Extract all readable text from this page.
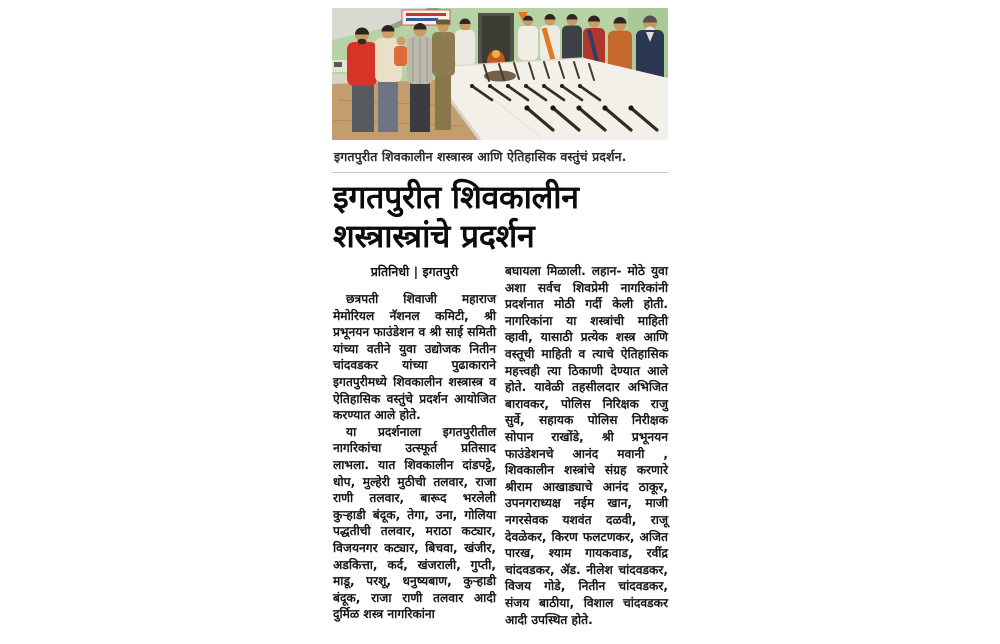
इगतपुरीत शिवकालीन शस्त्रास्त्र आणि ऐतिहासिक वस्तुंचं प्रदर्शन.
इगतपुरीत शिवकालीन
शस्त्रास्त्रांचे प्रदर्शन
प्रतिनिधी | इगतपुरी

छत्रपती शिवाजी महाराज मेमोरियल नॅशनल कमिटी, श्री प्रभूनयन फाउंडेशन व श्री साई समिती यांच्या वतीने युवा उद्योजक नितीन चांदवडकर यांच्या पुढाकाराने इगतपुरीमध्ये शिवकालीन शस्त्रास्त्र व ऐतिहासिक वस्तुंचे प्रदर्शन आयोजित करण्यात आले होते.

या प्रदर्शनाला इगतपुरीतील नागरिकांचा उत्स्फूर्त प्रतिसाद लाभला. यात शिवकालीन दांडपट्टे, धोप, मुल्हेरी मुठीची तलवार, राजा राणी तलवार, बारूद भरलेली कुऱ्हाडी बंदूक, तेगा, उना, गोलिया पद्धतीची तलवार, मराठा कट्यार, विजयनगर कट्यार, बिचवा, खंजीर, अडकित्ता, कर्द, खंजराली, गुप्ती, माडू, परशू, धनुष्यबाण, कुऱ्हाडी बंदूक, राजा राणी तलवार आदी दुर्मिळ शस्त्र नागरिकांना

बघायला मिळाली. लहान- मोठे युवा अशा सर्वच शिवप्रेमी नागरिकांनी प्रदर्शनात मोठी गर्दी केली होती. नागरिकांना या शस्त्रांची माहिती व्हावी, यासाठी प्रत्येक शस्त्र आणि वस्तूची माहिती व त्याचे ऐतिहासिक महत्त्वही त्या ठिकाणी देण्यात आले होते. यावेळी तहसीलदार अभिजित बारावकर, पोलिस निरिक्षक राजु सुर्वे, सहायक पोलिस निरीक्षक सोपान राखोंडे, श्री प्रभूनयन फाउंडेशनचे आनंद मवानी , शिवकालीन शस्त्रांचे संग्रह करणारे श्रीराम आखाड्याचे आनंद ठाकूर, उपनगराध्यक्ष नईम खान, माजी नगरसेवक यशवंत दळवी, राजू देवळेकर, किरण फलटणकर, अजित पारख, श्याम गायकवाड, रवींद्र चांदवडकर, ॲड. नीलेश चांदवडकर, विजय गोडे, नितीन चांदवडकर, संजय बाठीया, विशाल चांदवडकर आदी उपस्थित होते.
